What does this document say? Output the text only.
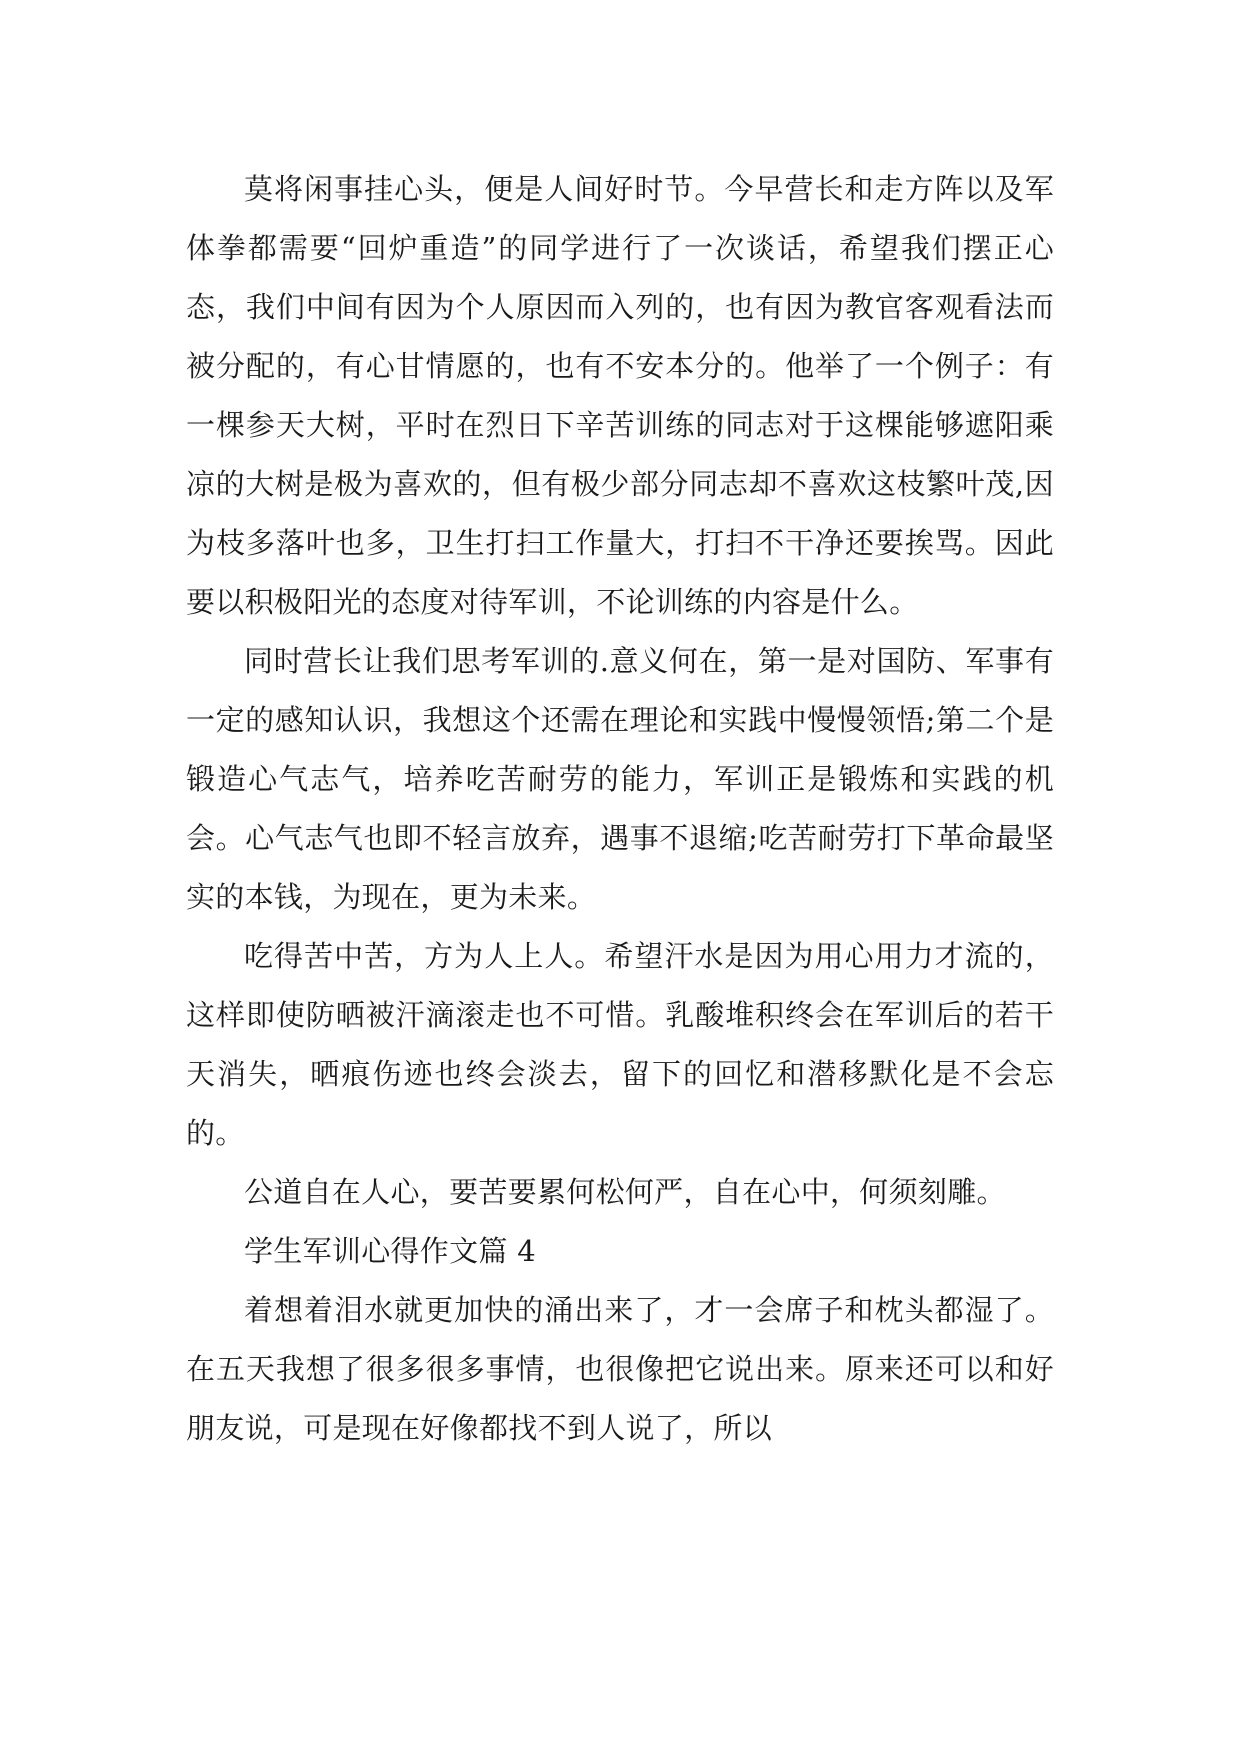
莫将闲事挂心头，便是人间好时节。今早营长和走方阵以及军体拳都需要“回炉重造”的同学进行了一次谈话，希望我们摆正心态，我们中间有因为个人原因而入列的，也有因为教官客观看法而被分配的，有心甘情愿的，也有不安本分的。他举了一个例子：有一棵参天大树，平时在烈日下辛苦训练的同志对于这棵能够遮阳乘凉的大树是极为喜欢的，但有极少部分同志却不喜欢这枝繁叶茂,因为枝多落叶也多，卫生打扫工作量大，打扫不干净还要挨骂。因此要以积极阳光的态度对待军训，不论训练的内容是什么。

同时营长让我们思考军训的.意义何在，第一是对国防、军事有一定的感知认识，我想这个还需在理论和实践中慢慢领悟;第二个是锻造心气志气，培养吃苦耐劳的能力，军训正是锻炼和实践的机会。心气志气也即不轻言放弃，遇事不退缩;吃苦耐劳打下革命最坚实的本钱，为现在，更为未来。

吃得苦中苦，方为人上人。希望汗水是因为用心用力才流的，这样即使防晒被汗滴滚走也不可惜。乳酸堆积终会在军训后的若干天消失，晒痕伤迹也终会淡去，留下的回忆和潜移默化是不会忘的。

公道自在人心，要苦要累何松何严，自在心中，何须刻雕。

学生军训心得作文篇 4

着想着泪水就更加快的涌出来了，才一会席子和枕头都湿了。在五天我想了很多很多事情，也很像把它说出来。原来还可以和好朋友说，可是现在好像都找不到人说了，所以
